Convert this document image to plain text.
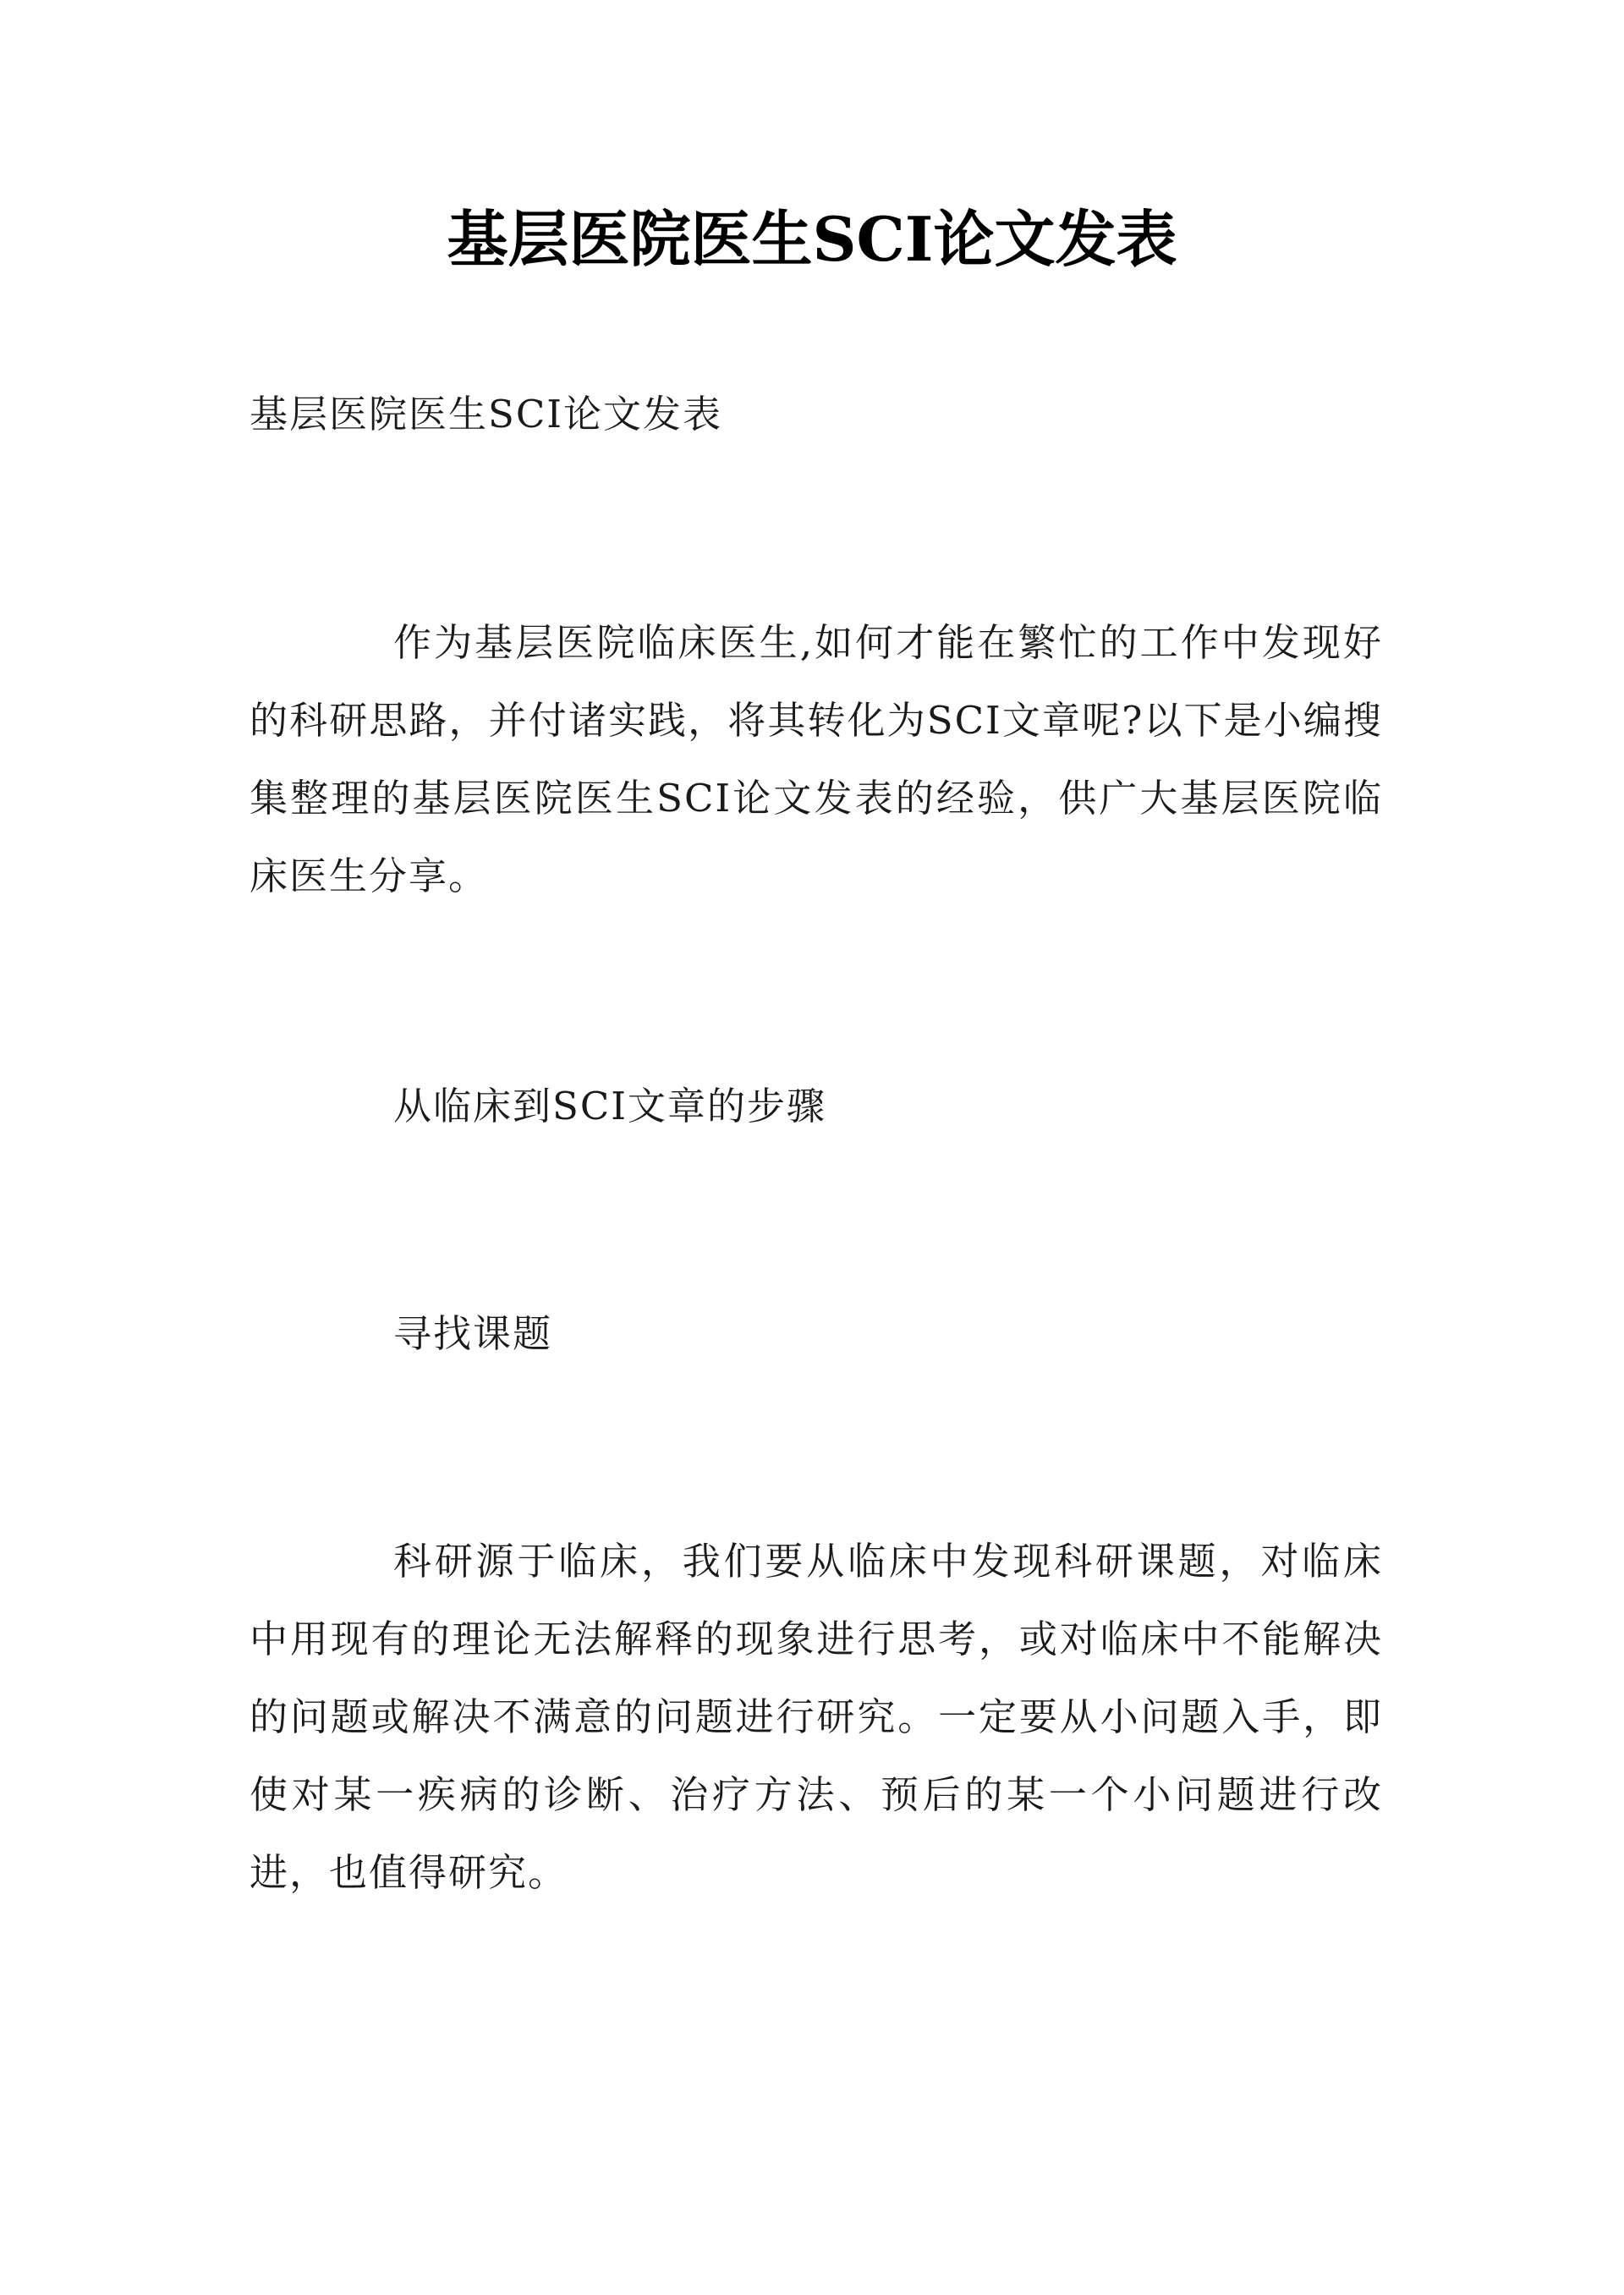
基层医院医生SCI论文发表

基层医院医生SCI论文发表

作为基层医院临床医生,如何才能在繁忙的工作中发现好的科研思路，并付诸实践，将其转化为SCI文章呢?以下是小编搜集整理的基层医院医生SCI论文发表的经验，供广大基层医院临床医生分享。

从临床到SCI文章的步骤

寻找课题

科研源于临床，我们要从临床中发现科研课题，对临床中用现有的理论无法解释的现象进行思考，或对临床中不能解决的问题或解决不满意的问题进行研究。一定要从小问题入手，即使对某一疾病的诊断、治疗方法、预后的某一个小问题进行改进，也值得研究。
